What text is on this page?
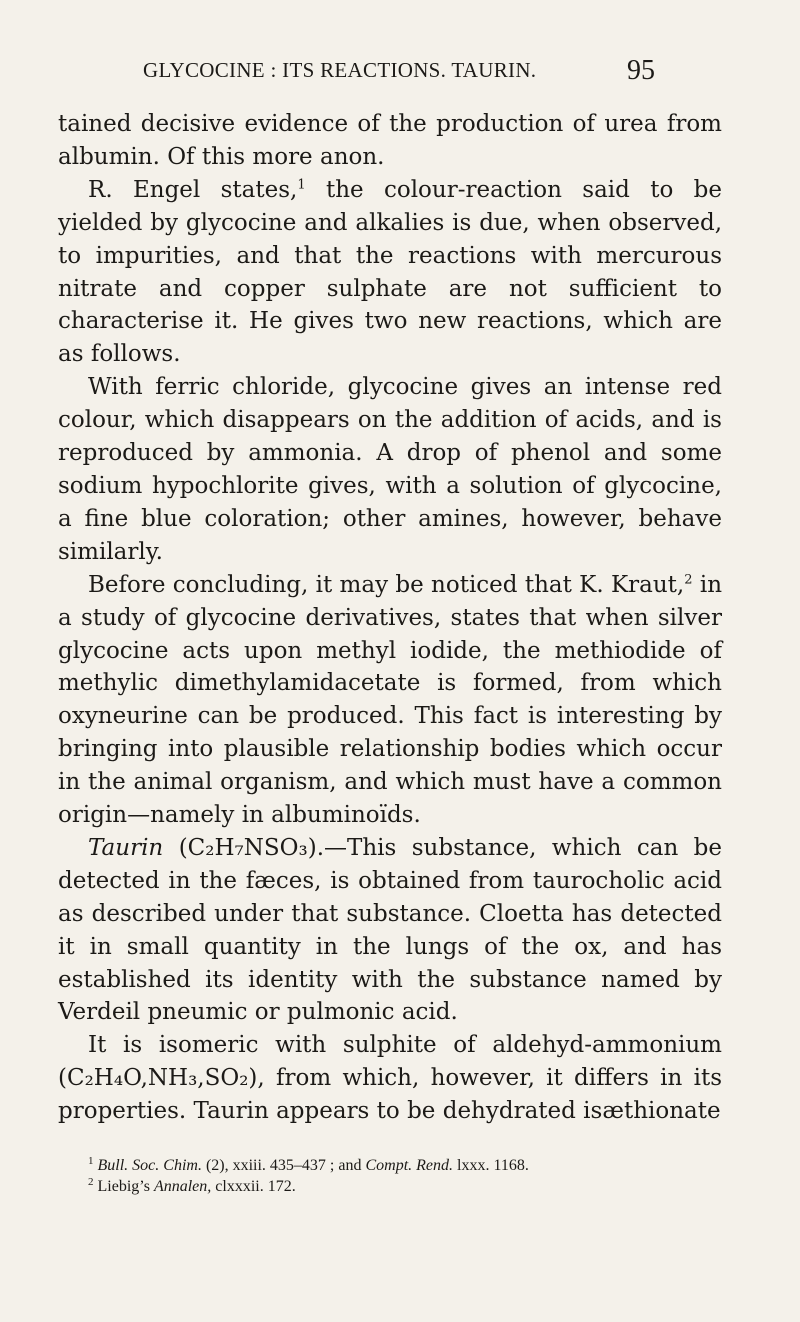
GLYCOCINE : ITS REACTIONS. TAURIN.	95

tained decisive evidence of the production of urea from albumin. Of this more anon.

R. Engel states,$^1$ the colour-reaction said to be yielded by glycocine and alkalies is due, when observed, to impurities, and that the reactions with mercurous nitrate and copper sulphate are not sufficient to characterise it. He gives two new reactions, which are as follows.

With ferric chloride, glycocine gives an intense red colour, which disappears on the addition of acids, and is reproduced by ammonia. A drop of phenol and some sodium hypochlorite gives, with a solution of glycocine, a fine blue coloration; other amines, however, behave similarly.

Before concluding, it may be noticed that K. Kraut,$^2$ in a study of glycocine derivatives, states that when silver glycocine acts upon methyl iodide, the methiodide of methylic dimethylamidacetate is formed, from which oxyneurine can be produced. This fact is interesting by bringing into plausible relationship bodies which occur in the animal organism, and which must have a common origin—namely in albuminoïds.

Taurin (C₂H₇NSO₃).—This substance, which can be detected in the fæces, is obtained from taurocholic acid as described under that substance. Cloetta has detected it in small quantity in the lungs of the ox, and has established its identity with the substance named by Verdeil pneumic or pulmonic acid.

It is isomeric with sulphite of aldehyd-ammonium (C₂H₄O,NH₃,SO₂), from which, however, it differs in its properties. Taurin appears to be dehydrated isæthionate

$^1$ Bull. Soc. Chim. (2), xxiii. 435–437 ; and Compt. Rend. lxxx. 1168.

$^2$ Liebig’s Annalen, clxxxii. 172.
